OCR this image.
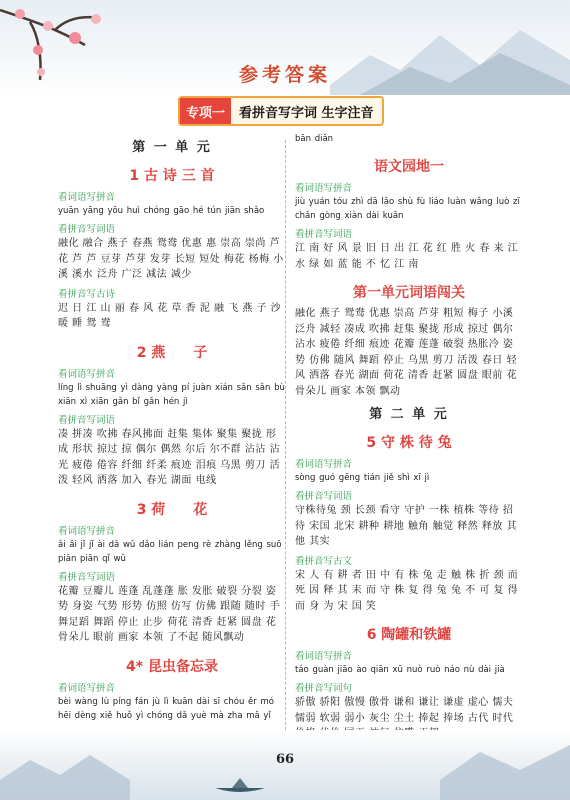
参考答案
专项一	看拼音写字词 生字注音
第 一 单 元
1 古 诗 三 首
看词语写拼音
yuān yāng yǒu huì chóng gāo hé tún jiān shǎo
看拼音写词语
融化 融合 燕子 春燕 鸳鸯 优惠 惠 崇高 崇尚 芦花 芦 芦 豆芽 芦芽 发芽 长短 短处 梅花 杨梅 小溪 溪水 泛舟 广泛 减法 减少
看拼音写古诗
迟 日 江 山 丽 春 风 花 草 香 泥 融 飞 燕 子 沙 暖 睡 鸳 鸯
2 燕　　子
看词语写拼音
líng lì shuāng yì dàng yàng pí juàn xián sǎn sǎn bù xiān xì xiān gǎn bǐ gǎn hén jì
看拼音写词语
凑 拼凑 吹拂 春风拂面 赶集 集体 聚集 聚拢 形成 形状 掠过 掠 偶尔 偶然 尔后 尔不群 沾沾 沾光 疲倦 倦容 纤细 纤柔 痕迹 泪痕 乌黑 剪刀 活泼 轻风 洒落 加入 春光 湖面 电线
3 荷　　花
看词语写拼音
ǎi ǎi jǐ jǐ ài dǎ wǔ dǎo lián peng rè zhàng lěng suō piān piān qǐ wǔ
看拼音写词语
花瓣 豆瓣儿 莲蓬 乱蓬蓬 胀 发胀 破裂 分裂 姿势 身姿 气势 形势 仿照 仿写 仿佛 跟随 随时 手舞足蹈 舞蹈 停止 止步 荷花 清香 赶紧 圆盘 花骨朵儿 眼前 画家 本领 了不起 随风飘动
4* 昆虫备忘录
看词语写拼音
bèi wàng lù píng fán jù lì kuān dài sī chóu ěr mó hēi dèng xiě huǒ yì chóng dǎ yuè mà zha mǎ yǐ
bān diǎn
语文园地一
看词语写拼音
jiù yuán tóu zhì dā lǎo shù fù liáo luàn wǎng luò zī chǎn gòng xiàn dài kuǎn
看拼音写词语
江 南 好 风 景 旧 日 出 江 花 红 胜 火 春 来 江 水 绿 如 蓝 能 不 忆 江 南
第一单元词语闯关
融化 燕子 鸳鸯 优惠 崇高 芦芽 粗短 梅子 小溪 泛舟 减轻 凑成 吹拂 赶集 聚拢 形成 掠过 偶尔 沾水 疲倦 纤细 痕迹 花瓣 莲蓬 破裂 热胀冷 姿势 仿佛 随风 舞蹈 停止 乌黑 剪刀 活泼 春日 轻风 洒落 春光 湖面 荷花 清香 赶紧 圆盘 眼前 花骨朵儿 画家 本领 飘动
第 二 单 元
5 守 株 待 兔
看词语写拼音
sòng guó gēng tián jiě shì xī jì
看拼音写词语
守株待兔 颈 长颈 看守 守护 一株 植株 等待 招待 宋国 北宋 耕种 耕地 触角 触觉 释然 释放 其他 其实
看拼音写古文
宋 人 有 耕 者 田 中 有 株 兔 走 触 株 折 颈 而 死 因 释 其 耒 而 守 株 复 得 兔 兔 不 可 复 得 而 身 为 宋 国 笑
6 陶罐和铁罐
看词语写拼音
táo guàn jiāo ào qiān xū nuò ruò náo nù dài jià
看拼音写词句
骄傲 骄阳 傲慢 傲骨 谦和 谦让 谦虚 虚心 懦夫 懦弱 软弱 弱小 灰尘 尘土 捧起 捧场 古代 时代
66
